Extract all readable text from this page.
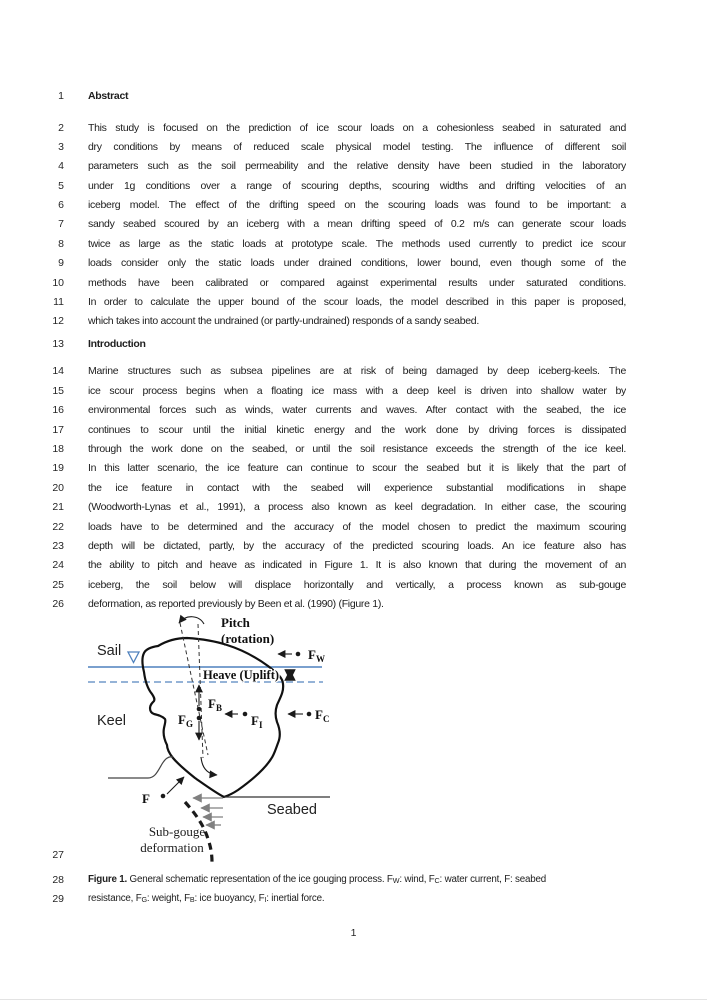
1 Abstract
2 This study is focused on the prediction of ice scour loads on a cohesionless seabed in saturated and
3 dry conditions by means of reduced scale physical model testing. The influence of different soil
4 parameters such as the soil permeability and the relative density have been studied in the laboratory
5 under 1g conditions over a range of scouring depths, scouring widths and drifting velocities of an
6 iceberg model. The effect of the drifting speed on the scouring loads was found to be important: a
7 sandy seabed scoured by an iceberg with a mean drifting speed of 0.2 m/s can generate scour loads
8 twice as large as the static loads at prototype scale. The methods used currently to predict ice scour
9 loads consider only the static loads under drained conditions, lower bound, even though some of the
10 methods have been calibrated or compared against experimental results under saturated conditions.
11 In order to calculate the upper bound of the scour loads, the model described in this paper is proposed,
12 which takes into account the undrained (or partly-undrained) responds of a sandy seabed.
13 Introduction
14 Marine structures such as subsea pipelines are at risk of being damaged by deep iceberg-keels. The
15 ice scour process begins when a floating ice mass with a deep keel is driven into shallow water by
16 environmental forces such as winds, water currents and waves. After contact with the seabed, the ice
17 continues to scour until the initial kinetic energy and the work done by driving forces is dissipated
18 through the work done on the seabed, or until the soil resistance exceeds the strength of the ice keel.
19 In this latter scenario, the ice feature can continue to scour the seabed but it is likely that the part of
20 the ice feature in contact with the seabed will experience substantial modifications in shape
21 (Woodworth-Lynas et al., 1991), a process also known as keel degradation. In either case, the scouring
22 loads have to be determined and the accuracy of the model chosen to predict the maximum scouring
23 depth will be dictated, partly, by the accuracy of the predicted scouring loads. An ice feature also has
24 the ability to pitch and heave as indicated in Figure 1. It is also known that during the movement of an
25 iceberg, the soil below will displace horizontally and vertically, a process known as sub-gouge
26 deformation, as reported previously by Been et al. (1990) (Figure 1).
27
28 Figure 1. General schematic representation of the ice gouging process. FW: wind, FC: water current, F: seabed
29 resistance, FG: weight, FB: ice buoyancy, FI: inertial force.
Sail
Keel
Seabed
Pitch
(rotation)
Heave (Uplift)
$F_W$
$F_B$
$F_G$	$F_I$
$F_C$
F
Sub-gouge
deformation
1
